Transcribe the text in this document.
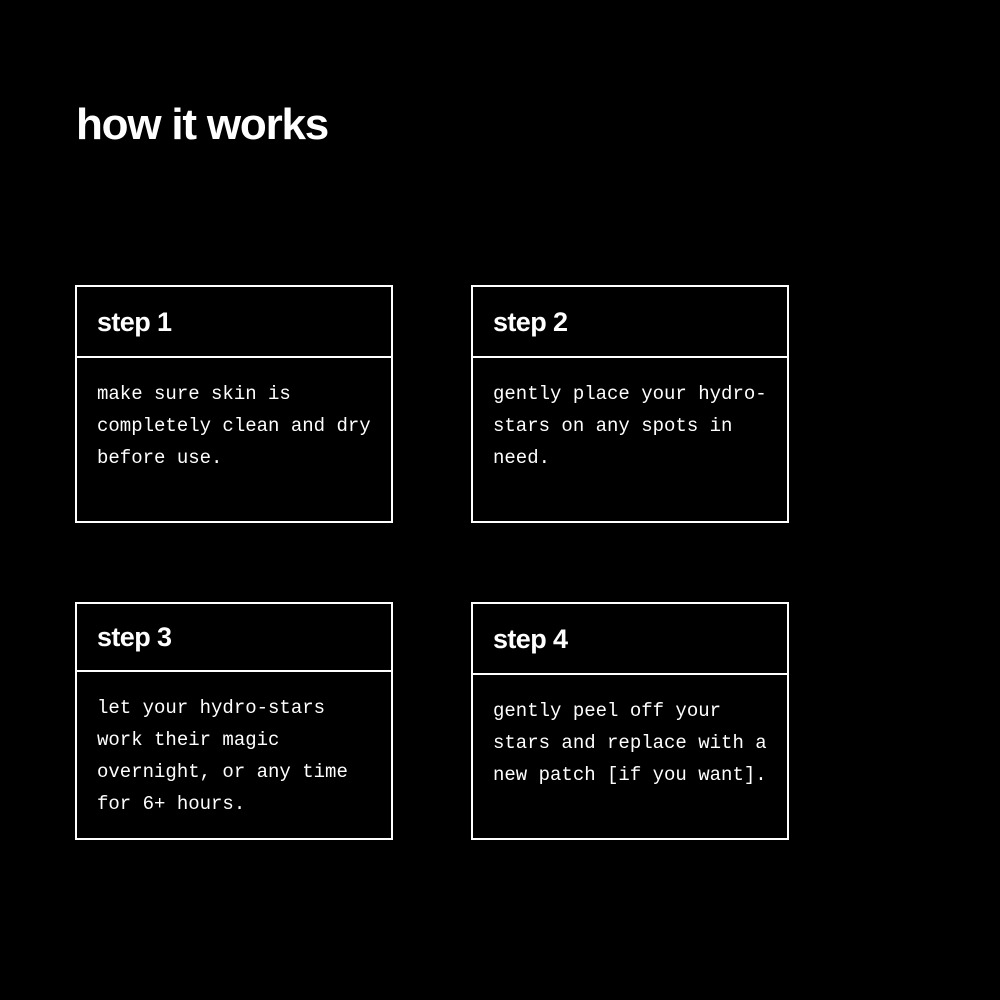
how it works
step 1
make sure skin is completely clean and dry before use.
step 2
gently place your hydro-stars on any spots in need.
step 3
let your hydro-stars work their magic overnight, or any time for 6+ hours.
step 4
gently peel off your stars and replace with a new patch [if you want].
